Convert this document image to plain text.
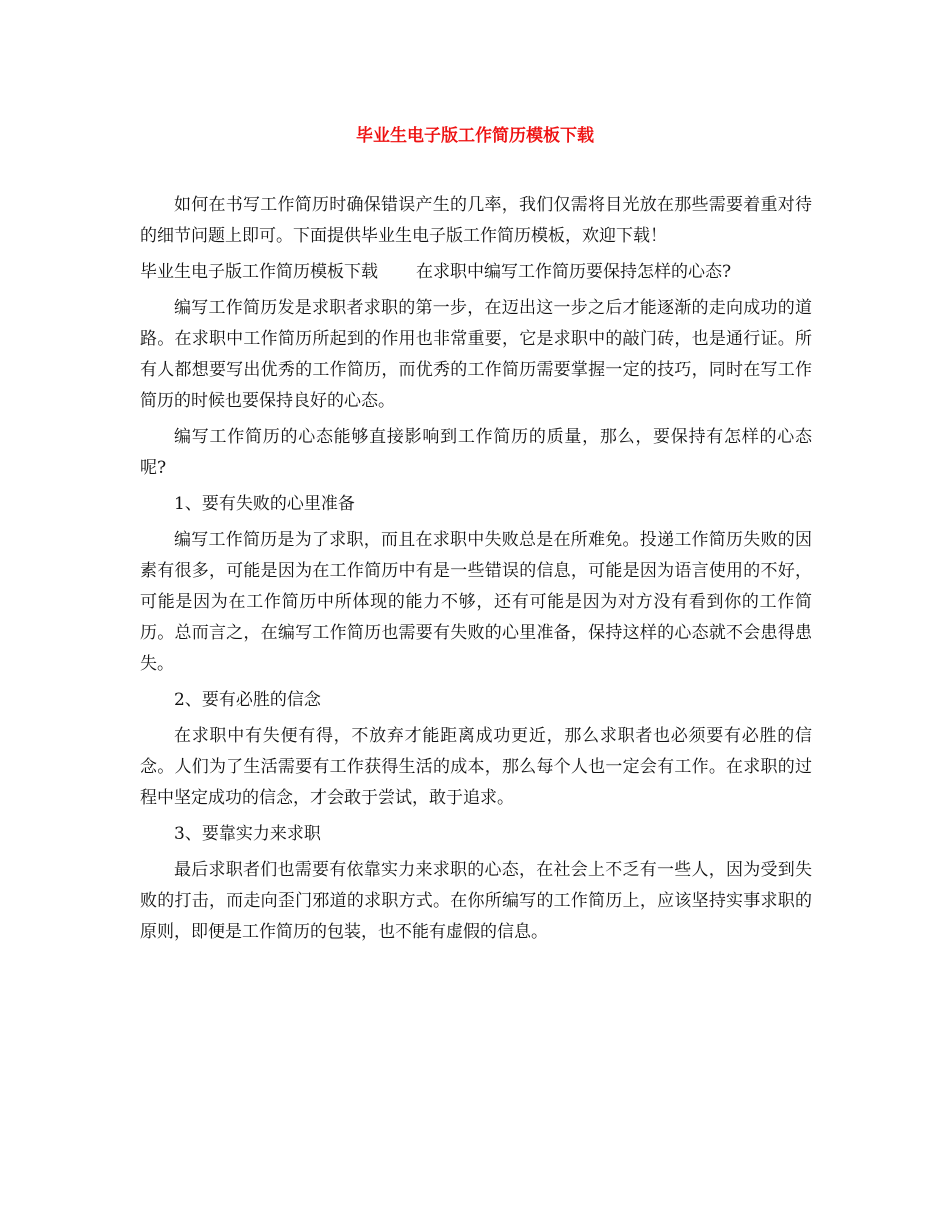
毕业生电子版工作简历模板下载

如何在书写工作简历时确保错误产生的几率，我们仅需将目光放在那些需要着重对待的细节问题上即可。下面提供毕业生电子版工作简历模板，欢迎下载！

毕业生电子版工作简历模板下载 在求职中编写工作简历要保持怎样的心态?

编写工作简历发是求职者求职的第一步，在迈出这一步之后才能逐渐的走向成功的道路。在求职中工作简历所起到的作用也非常重要，它是求职中的敲门砖，也是通行证。所有人都想要写出优秀的工作简历，而优秀的工作简历需要掌握一定的技巧，同时在写工作简历的时候也要保持良好的心态。

编写工作简历的心态能够直接影响到工作简历的质量，那么，要保持有怎样的心态呢?

1、要有失败的心里准备

编写工作简历是为了求职，而且在求职中失败总是在所难免。投递工作简历失败的因素有很多，可能是因为在工作简历中有是一些错误的信息，可能是因为语言使用的不好，可能是因为在工作简历中所体现的能力不够，还有可能是因为对方没有看到你的工作简历。总而言之，在编写工作简历也需要有失败的心里准备，保持这样的心态就不会患得患失。

2、要有必胜的信念

在求职中有失便有得，不放弃才能距离成功更近，那么求职者也必须要有必胜的信念。人们为了生活需要有工作获得生活的成本，那么每个人也一定会有工作。在求职的过程中坚定成功的信念，才会敢于尝试，敢于追求。

3、要靠实力来求职

最后求职者们也需要有依靠实力来求职的心态，在社会上不乏有一些人，因为受到失败的打击，而走向歪门邪道的求职方式。在你所编写的工作简历上，应该坚持实事求职的原则，即便是工作简历的包装，也不能有虚假的信息。
